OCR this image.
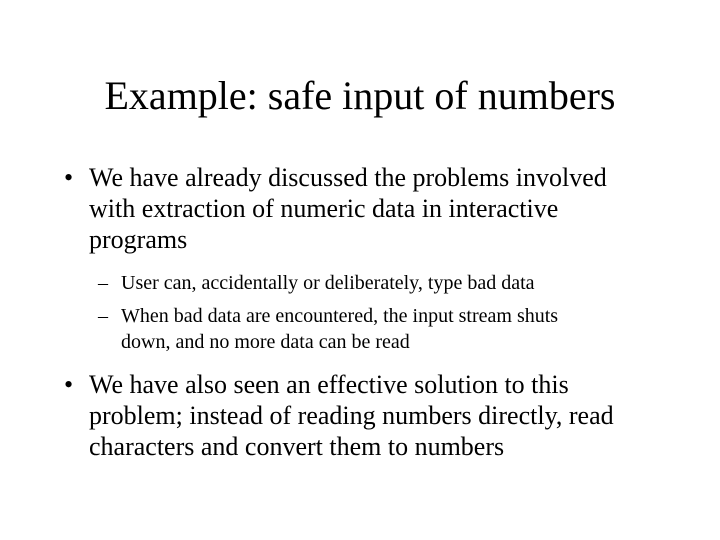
Example: safe input of numbers
• We have already discussed the problems involved
with extraction of numeric data in interactive
programs
– User can, accidentally or deliberately, type bad data
– When bad data are encountered, the input stream shuts
down, and no more data can be read
• We have also seen an effective solution to this
problem; instead of reading numbers directly, read
characters and convert them to numbers
